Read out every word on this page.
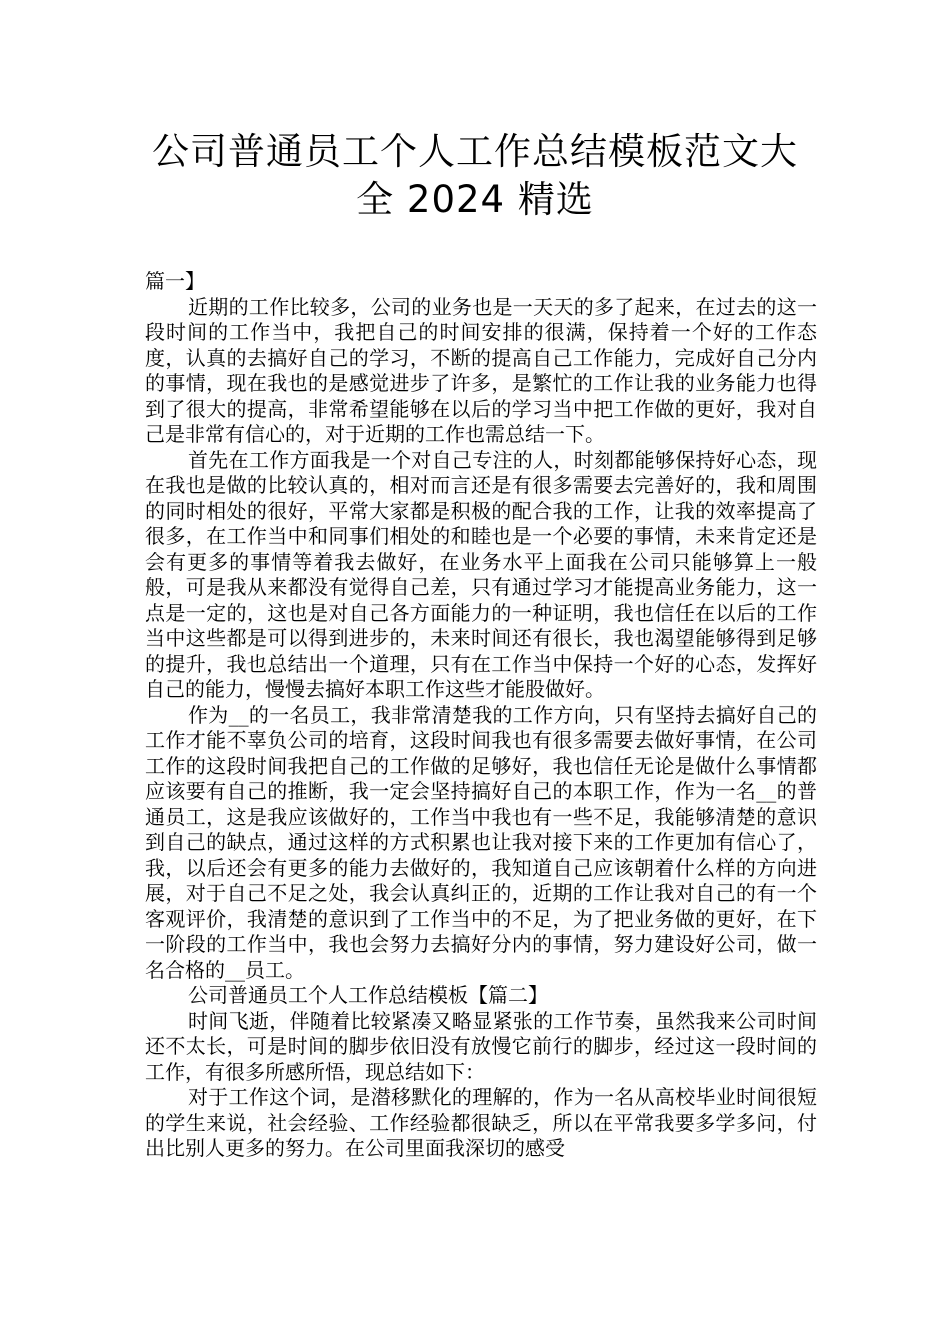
公司普通员工个人工作总结模板范文大
全 2024 精选

篇一】

近期的工作比较多，公司的业务也是一天天的多了起来，在过去的这一段时间的工作当中，我把自己的时间安排的很满，保持着一个好的工作态度，认真的去搞好自己的学习，不断的提高自己工作能力，完成好自己分内的事情，现在我也的是感觉进步了许多，是繁忙的工作让我的业务能力也得到了很大的提高，非常希望能够在以后的学习当中把工作做的更好，我对自己是非常有信心的，对于近期的工作也需总结一下。

首先在工作方面我是一个对自己专注的人，时刻都能够保持好心态，现在我也是做的比较认真的，相对而言还是有很多需要去完善好的，我和周围的同时相处的很好，平常大家都是积极的配合我的工作，让我的效率提高了很多，在工作当中和同事们相处的和睦也是一个必要的事情，未来肯定还是会有更多的事情等着我去做好，在业务水平上面我在公司只能够算上一般般，可是我从来都没有觉得自己差，只有通过学习才能提高业务能力，这一点是一定的，这也是对自己各方面能力的一种证明，我也信任在以后的工作当中这些都是可以得到进步的，未来时间还有很长，我也渴望能够得到足够的提升，我也总结出一个道理，只有在工作当中保持一个好的心态，发挥好自己的能力，慢慢去搞好本职工作这些才能股做好。

作为__的一名员工，我非常清楚我的工作方向，只有坚持去搞好自己的工作才能不辜负公司的培育，这段时间我也有很多需要去做好事情，在公司工作的这段时间我把自己的工作做的足够好，我也信任无论是做什么事情都应该要有自己的推断，我一定会坚持搞好自己的本职工作，作为一名__的普通员工，这是我应该做好的，工作当中我也有一些不足，我能够清楚的意识到自己的缺点，通过这样的方式积累也让我对接下来的工作更加有信心了，我，以后还会有更多的能力去做好的，我知道自己应该朝着什么样的方向进展，对于自己不足之处，我会认真纠正的，近期的工作让我对自己的有一个客观评价，我清楚的意识到了工作当中的不足，为了把业务做的更好，在下一阶段的工作当中，我也会努力去搞好分内的事情，努力建设好公司，做一名合格的__员工。

公司普通员工个人工作总结模板【篇二】

时间飞逝，伴随着比较紧凑又略显紧张的工作节奏，虽然我来公司时间还不太长，可是时间的脚步依旧没有放慢它前行的脚步，经过这一段时间的工作，有很多所感所悟，现总结如下：

对于工作这个词，是潜移默化的理解的，作为一名从高校毕业时间很短的学生来说，社会经验、工作经验都很缺乏，所以在平常我要多学多问，付出比别人更多的努力。在公司里面我深切的感受
